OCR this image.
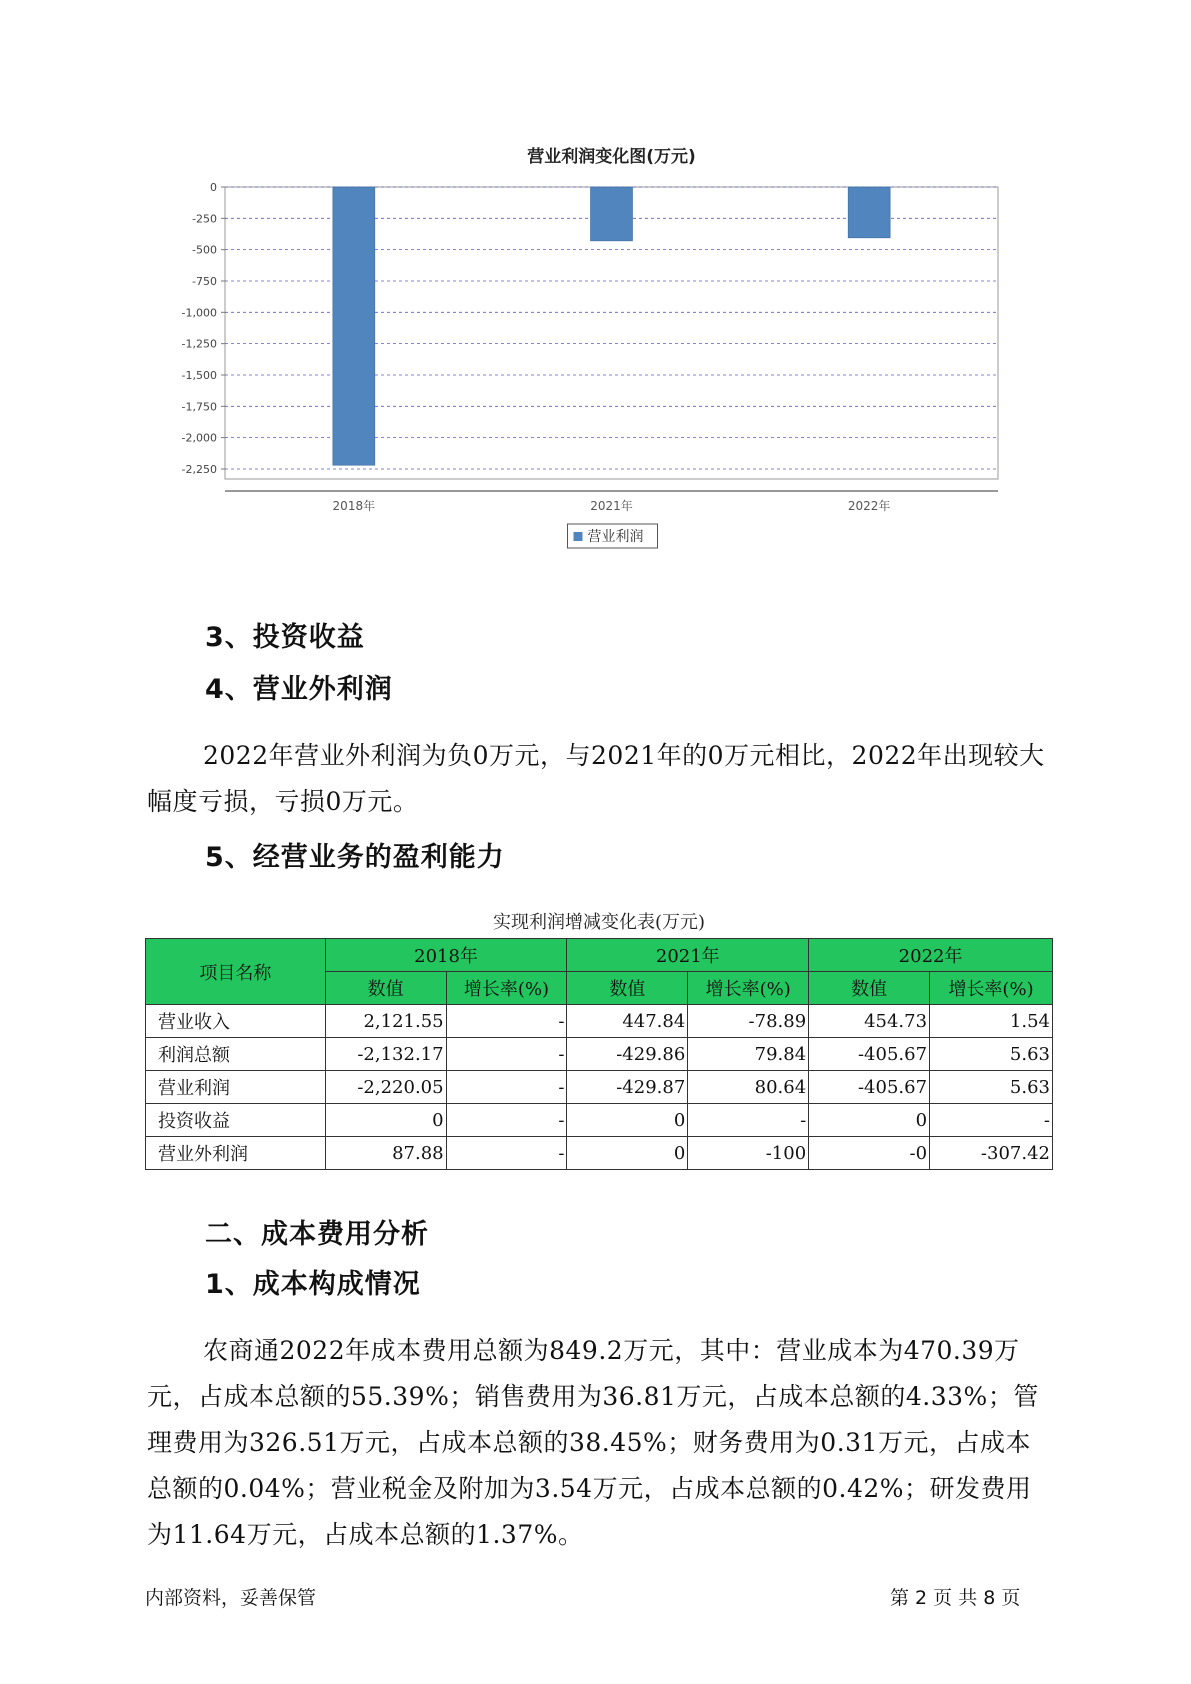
营业利润变化图(万元)
0
-250
-500
-750
-1,000
-1,250
-1,500
-1,750
-2,000
-2,250
2018年	2021年	2022年
营业利润
3、投资收益
4、营业外利润

2022年营业外利润为负0万元，与2021年的0万元相比，2022年出现较大幅度亏损，亏损0万元。

5、经营业务的盈利能力
实现利润增减变化表(万元)
项目名称	2018年		2021年		2022年	
	数值	增长率(%)	数值	增长率(%)	数值	增长率(%)
营业收入	2,121.55	-	447.84	-78.89	454.73	1.54
利润总额	-2,132.17	-	-429.86	79.84	-405.67	5.63
营业利润	-2,220.05	-	-429.87	80.64	-405.67	5.63
投资收益	0	-	0	-	0	-
营业外利润	87.88	-	0	-100	-0	-307.42
二、成本费用分析
1、成本构成情况

农商通2022年成本费用总额为849.2万元，其中：营业成本为470.39万元，占成本总额的55.39%；销售费用为36.81万元，占成本总额的4.33%；管理费用为326.51万元，占成本总额的38.45%；财务费用为0.31万元，占成本总额的0.04%；营业税金及附加为3.54万元，占成本总额的0.42%；研发费用为11.64万元，占成本总额的1.37%。

内部资料，妥善保管	第 2 页 共 8 页
